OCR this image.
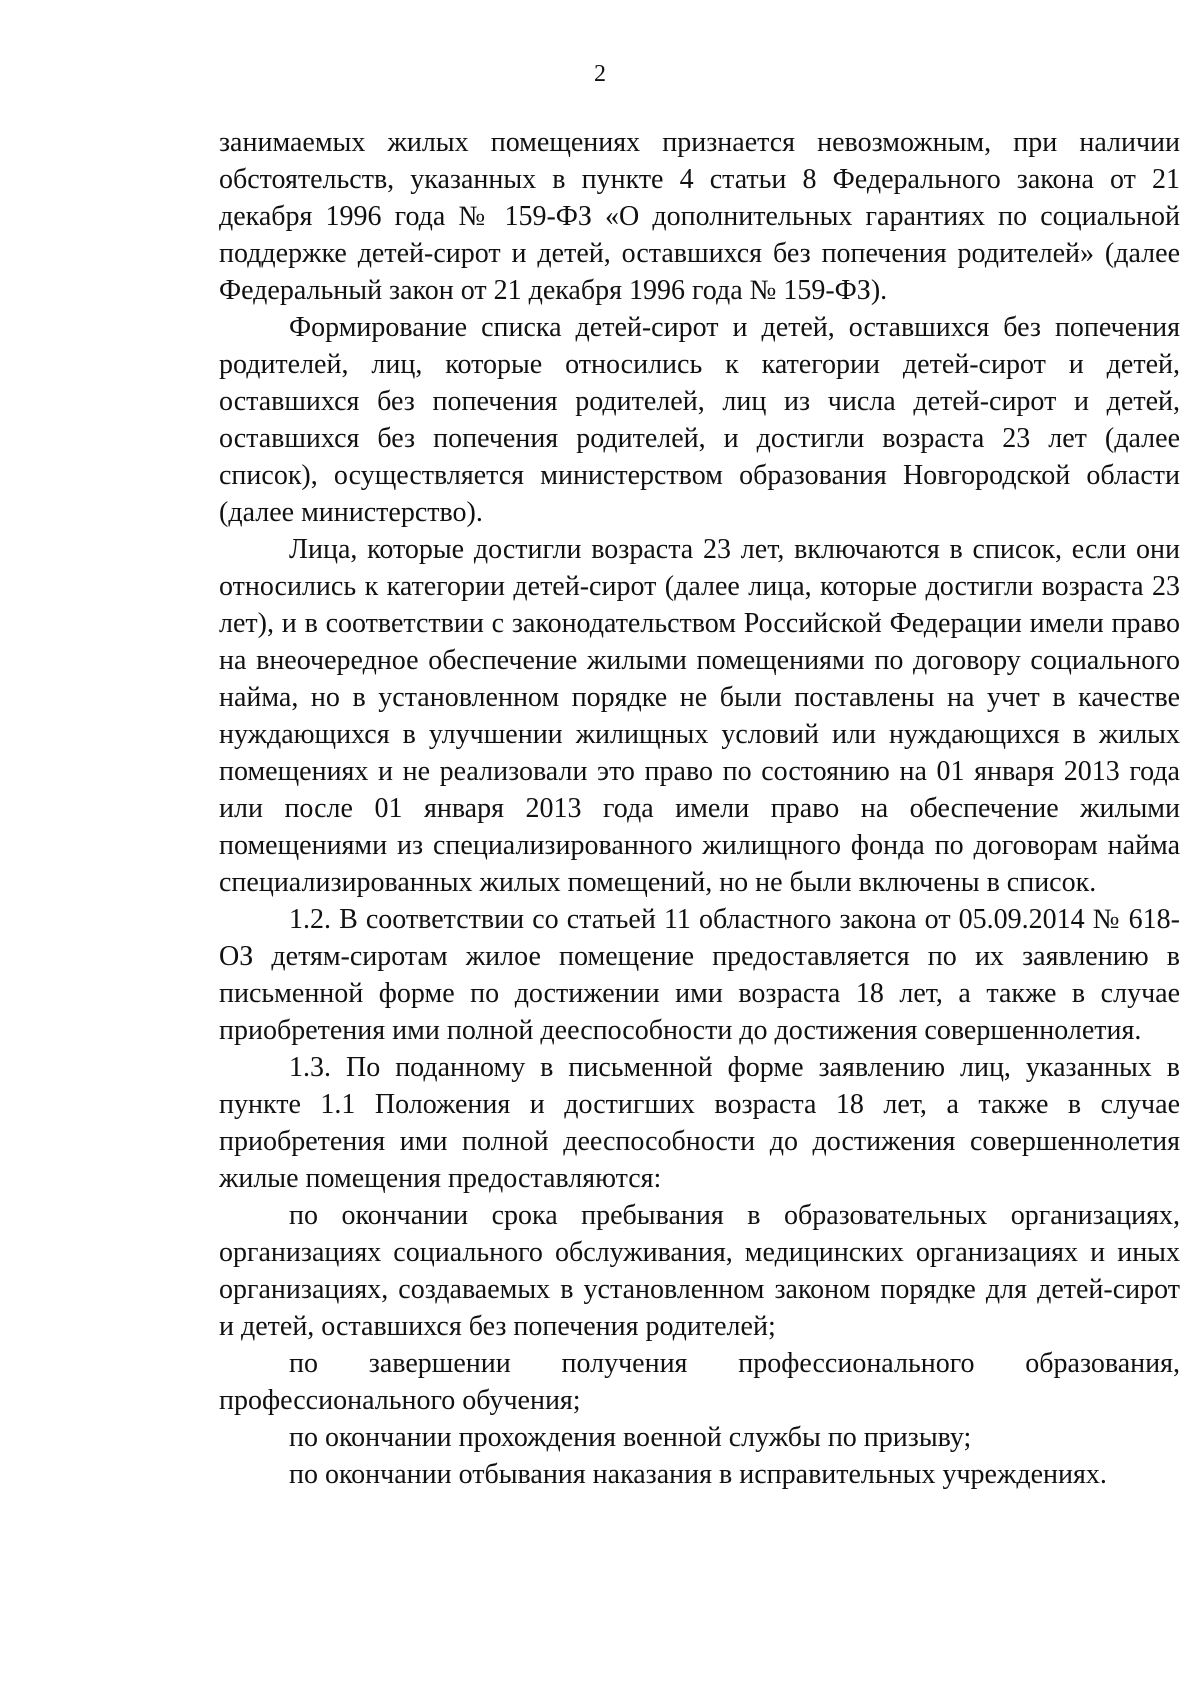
2

занимаемых жилых помещениях признается невозможным, при наличии обстоятельств, указанных в пункте 4 статьи 8 Федерального закона от 21 декабря 1996 года № 159-ФЗ «О дополнительных гарантиях по социальной поддержке детей-сирот и детей, оставшихся без попечения родителей» (далее Федеральный закон от 21 декабря 1996 года № 159-ФЗ).

Формирование списка детей-сирот и детей, оставшихся без попечения родителей, лиц, которые относились к категории детей-сирот и детей, оставшихся без попечения родителей, лиц из числа детей-сирот и детей, оставшихся без попечения родителей, и достигли возраста 23 лет (далее список), осуществляется министерством образования Новгородской области (далее министерство).

Лица, которые достигли возраста 23 лет, включаются в список, если они относились к категории детей-сирот (далее лица, которые достигли возраста 23 лет), и в соответствии с законодательством Российской Федерации имели право на внеочередное обеспечение жилыми помещениями по договору социального найма, но в установленном порядке не были поставлены на учет в качестве нуждающихся в улучшении жилищных условий или нуждающихся в жилых помещениях и не реализовали это право по состоянию на 01 января 2013 года или после 01 января 2013 года имели право на обеспечение жилыми помещениями из специализированного жилищного фонда по договорам найма специализированных жилых помещений, но не были включены в список.

1.2. В соответствии со статьей 11 областного закона от 05.09.2014 № 618-ОЗ детям-сиротам жилое помещение предоставляется по их заявлению в письменной форме по достижении ими возраста 18 лет, а также в случае приобретения ими полной дееспособности до достижения совершеннолетия.

1.3. По поданному в письменной форме заявлению лиц, указанных в пункте 1.1 Положения и достигших возраста 18 лет, а также в случае приобретения ими полной дееспособности до достижения совершеннолетия жилые помещения предоставляются:

по окончании срока пребывания в образовательных организациях, организациях социального обслуживания, медицинских организациях и иных организациях, создаваемых в установленном законом порядке для детей-сирот и детей, оставшихся без попечения родителей;

по завершении получения профессионального образования, профессионального обучения;

по окончании прохождения военной службы по призыву;

по окончании отбывания наказания в исправительных учреждениях.
